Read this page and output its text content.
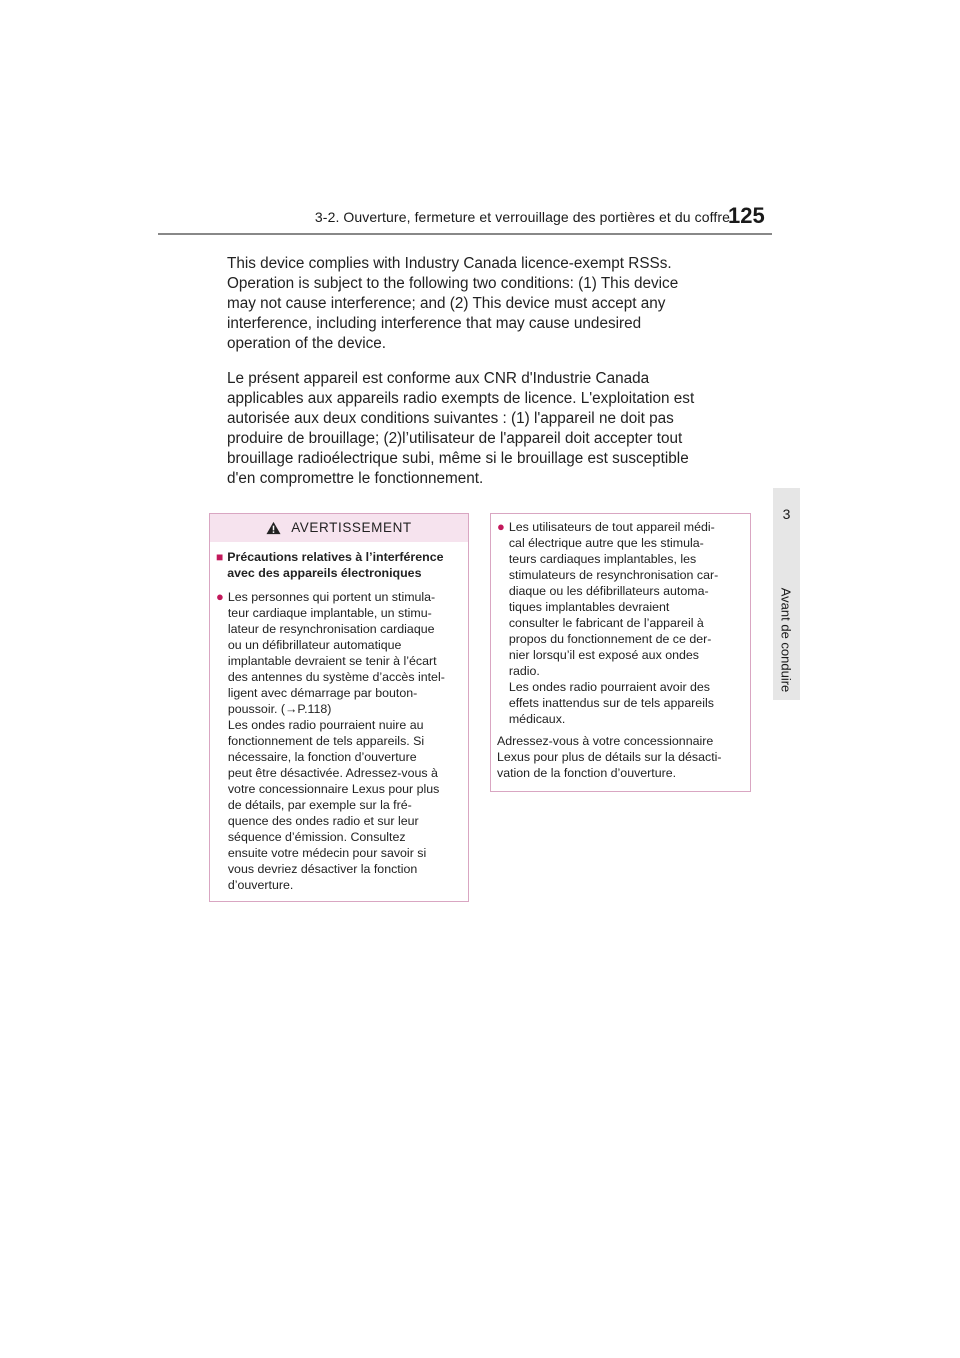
3-2. Ouverture, fermeture et verrouillage des portières et du coffre
125
3
Avant de conduire

This device complies with Industry Canada licence-exempt RSSs.
Operation is subject to the following two conditions: (1) This device
may not cause interference; and (2) This device must accept any
interference, including interference that may cause undesired
operation of the device.

Le présent appareil est conforme aux CNR d'Industrie Canada
applicables aux appareils radio exempts de licence. L'exploitation est
autorisée aux deux conditions suivantes : (1) l'appareil ne doit pas
produire de brouillage; (2)l’utilisateur de l'appareil doit accepter tout
brouillage radioélectrique subi, même si le brouillage est susceptible
d'en compromettre le fonctionnement.

AVERTISSEMENT
■ Précautions relatives à l’interférence
avec des appareils électroniques
● Les personnes qui portent un stimula-
teur cardiaque implantable, un stimu-
lateur de resynchronisation cardiaque
ou un défibrillateur automatique
implantable devraient se tenir à l’écart
des antennes du système d’accès intel-
ligent avec démarrage par bouton-
poussoir. (→P.118)
Les ondes radio pourraient nuire au
fonctionnement de tels appareils. Si
nécessaire, la fonction d’ouverture
peut être désactivée. Adressez-vous à
votre concessionnaire Lexus pour plus
de détails, par exemple sur la fré-
quence des ondes radio et sur leur
séquence d’émission. Consultez
ensuite votre médecin pour savoir si
vous devriez désactiver la fonction
d’ouverture.
● Les utilisateurs de tout appareil médi-
cal électrique autre que les stimula-
teurs cardiaques implantables, les
stimulateurs de resynchronisation car-
diaque ou les défibrillateurs automa-
tiques implantables devraient
consulter le fabricant de l’appareil à
propos du fonctionnement de ce der-
nier lorsqu’il est exposé aux ondes
radio.
Les ondes radio pourraient avoir des
effets inattendus sur de tels appareils
médicaux.
Adressez-vous à votre concessionnaire
Lexus pour plus de détails sur la désacti-
vation de la fonction d’ouverture.
